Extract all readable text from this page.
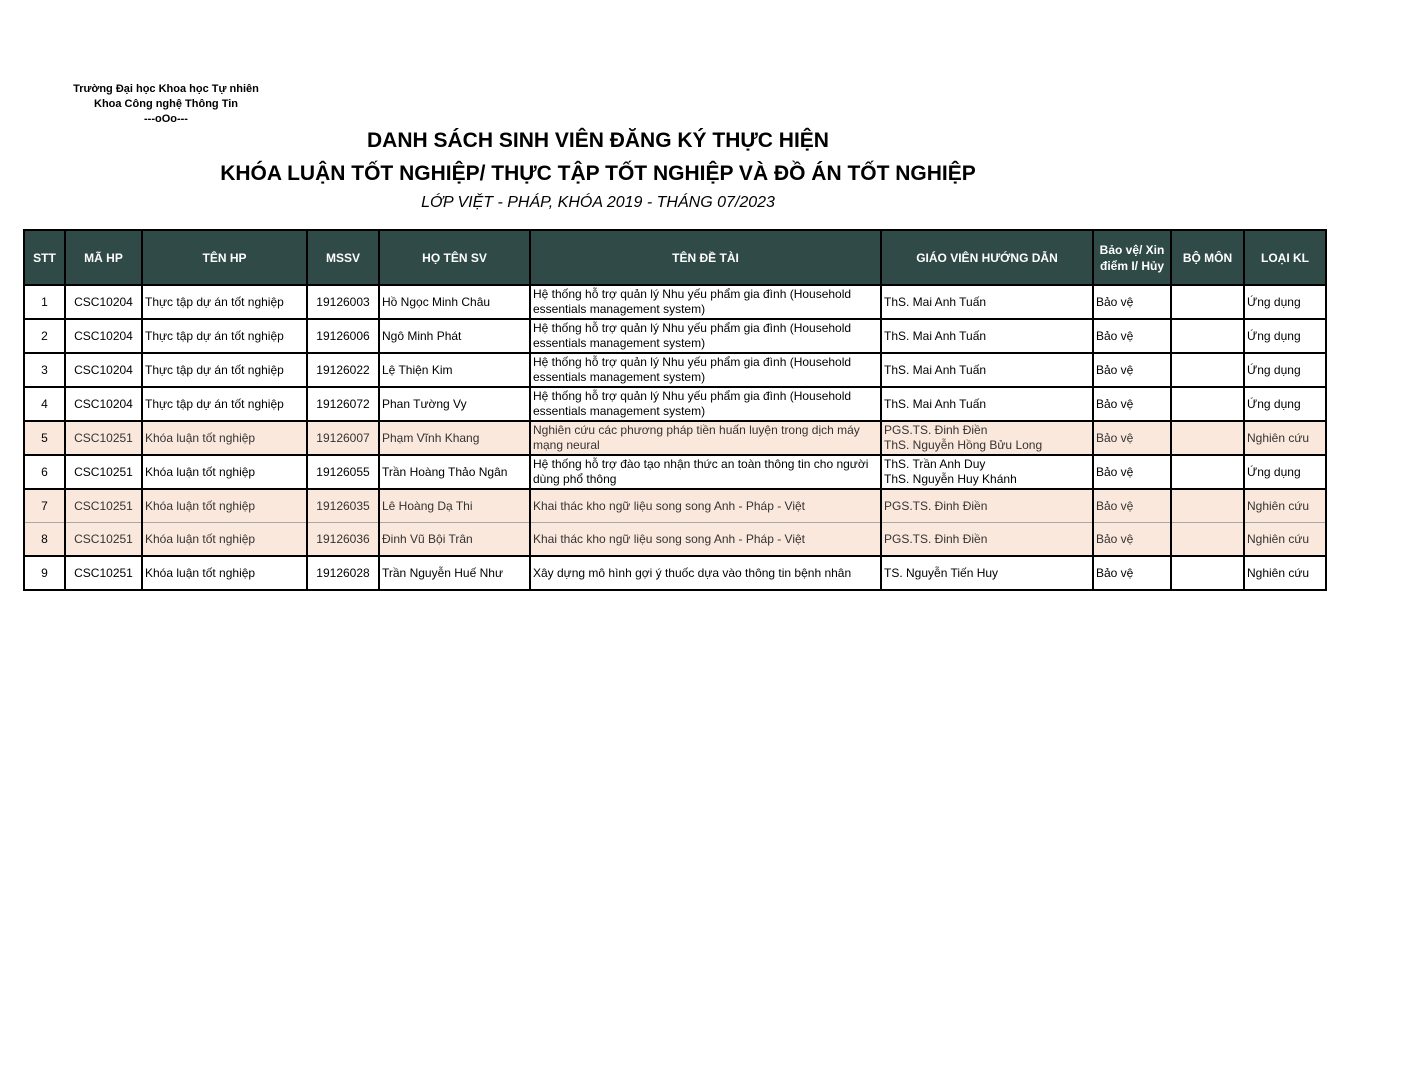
Trường Đại học Khoa học Tự nhiên
Khoa Công nghệ Thông Tin
---oOo---
DANH SÁCH SINH VIÊN ĐĂNG KÝ THỰC HIỆN
KHÓA LUẬN TỐT NGHIỆP/ THỰC TẬP TỐT NGHIỆP VÀ ĐỒ ÁN TỐT NGHIỆP
LỚP VIỆT - PHÁP, KHÓA 2019 - THÁNG 07/2023
STT	MÃ HP	TÊN HP	MSSV	HỌ TÊN SV	TÊN ĐỀ TÀI	GIÁO VIÊN HƯỚNG DẪN	Bảo vệ/ Xin điểm I/ Hủy	BỘ MÔN	LOẠI KL
1	CSC10204	Thực tập dự án tốt nghiệp	19126003	Hồ Ngọc Minh Châu	Hệ thống hỗ trợ quản lý Nhu yếu phẩm gia đình (Household essentials management system)	ThS. Mai Anh Tuấn	Bảo vệ		Ứng dụng
2	CSC10204	Thực tập dự án tốt nghiệp	19126006	Ngô Minh Phát	Hệ thống hỗ trợ quản lý Nhu yếu phẩm gia đình (Household essentials management system)	ThS. Mai Anh Tuấn	Bảo vệ		Ứng dụng
3	CSC10204	Thực tập dự án tốt nghiệp	19126022	Lệ Thiện Kim	Hệ thống hỗ trợ quản lý Nhu yếu phẩm gia đình (Household essentials management system)	ThS. Mai Anh Tuấn	Bảo vệ		Ứng dụng
4	CSC10204	Thực tập dự án tốt nghiệp	19126072	Phan Tường Vy	Hệ thống hỗ trợ quản lý Nhu yếu phẩm gia đình (Household essentials management system)	ThS. Mai Anh Tuấn	Bảo vệ		Ứng dụng
5	CSC10251	Khóa luận tốt nghiệp	19126007	Phạm Vĩnh Khang	Nghiên cứu các phương pháp tiền huấn luyện trong dịch máy mạng neural	PGS.TS. Đinh Điền
ThS. Nguyễn Hồng Bửu Long	Bảo vệ		Nghiên cứu
6	CSC10251	Khóa luận tốt nghiệp	19126055	Trần Hoàng Thảo Ngân	Hệ thống hỗ trợ đào tạo nhận thức an toàn thông tin cho người dùng phổ thông	ThS. Trần Anh Duy
ThS. Nguyễn Huy Khánh	Bảo vệ		Ứng dụng
7	CSC10251	Khóa luận tốt nghiệp	19126035	Lê Hoàng Dạ Thi	Khai thác kho ngữ liệu song song Anh - Pháp - Việt	PGS.TS. Đinh Điền	Bảo vệ		Nghiên cứu
8	CSC10251	Khóa luận tốt nghiệp	19126036	Đinh Vũ Bội Trân	Khai thác kho ngữ liệu song song Anh - Pháp - Việt	PGS.TS. Đinh Điền	Bảo vệ		Nghiên cứu
9	CSC10251	Khóa luận tốt nghiệp	19126028	Trần Nguyễn Huế Như	Xây dựng mô hình gợi ý thuốc dựa vào thông tin bệnh nhân	TS. Nguyễn Tiến Huy	Bảo vệ		Nghiên cứu
